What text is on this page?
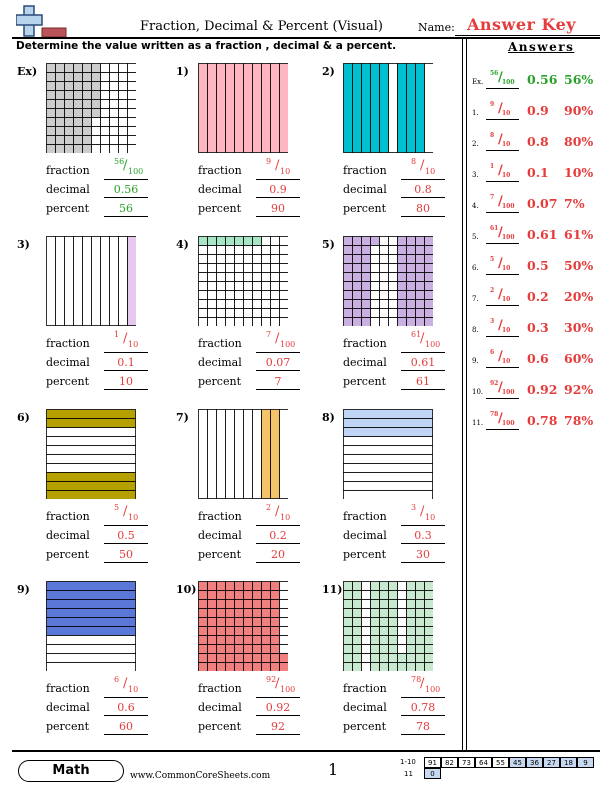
Fraction, Decimal & Percent (Visual)	Name: Answer Key
Determine the value written as a fraction , decimal & a percent.
Ex)
fraction
decimal
percent
56
/ 100
0.56
56
1)
fraction
decimal
percent
9 / 10
0.9
90
2)
fraction
decimal
percent
8 / 10
0.8
80
3)
fraction
decimal
percent
1 / 10
0.1
10
4)
fraction
decimal
percent
7 / 100
0.07
7
5)
fraction
decimal
percent
61
/ 100
0.61
61
6)
fraction
decimal
percent
5 / 10
0.5
50
7)
fraction
decimal
percent
2 / 10
0.2
20
8)
fraction
decimal
percent
3 / 10
0.3
30
9)
fraction
decimal
percent
6 / 10
0.6
60
10)
fraction
decimal
percent
92
/ 100
0.92
92
11)
fraction
decimal
percent
78
/ 100
0.78
78
Answers
Ex.
56 / 100 0.56 56%
1.
9 / 10 0.9 90%
2.
8 / 10 0.8 80%
3.
1 / 10 0.1 10%
4.
7 / 100 0.07 7%
5.
61 / 100 0.61 61%
6.
5 / 10 0.5 50%
7.
2 / 10 0.2 20%
8.
3 / 10 0.3 30%
9.
6 / 10 0.6 60%
10.
92 / 100 0.92 92%
11.
78 / 100 0.78 78%
Math	www.CommonCoreSheets.com	1	1-10
11
91	82	73	64	55	45	36	27	18	9
0
